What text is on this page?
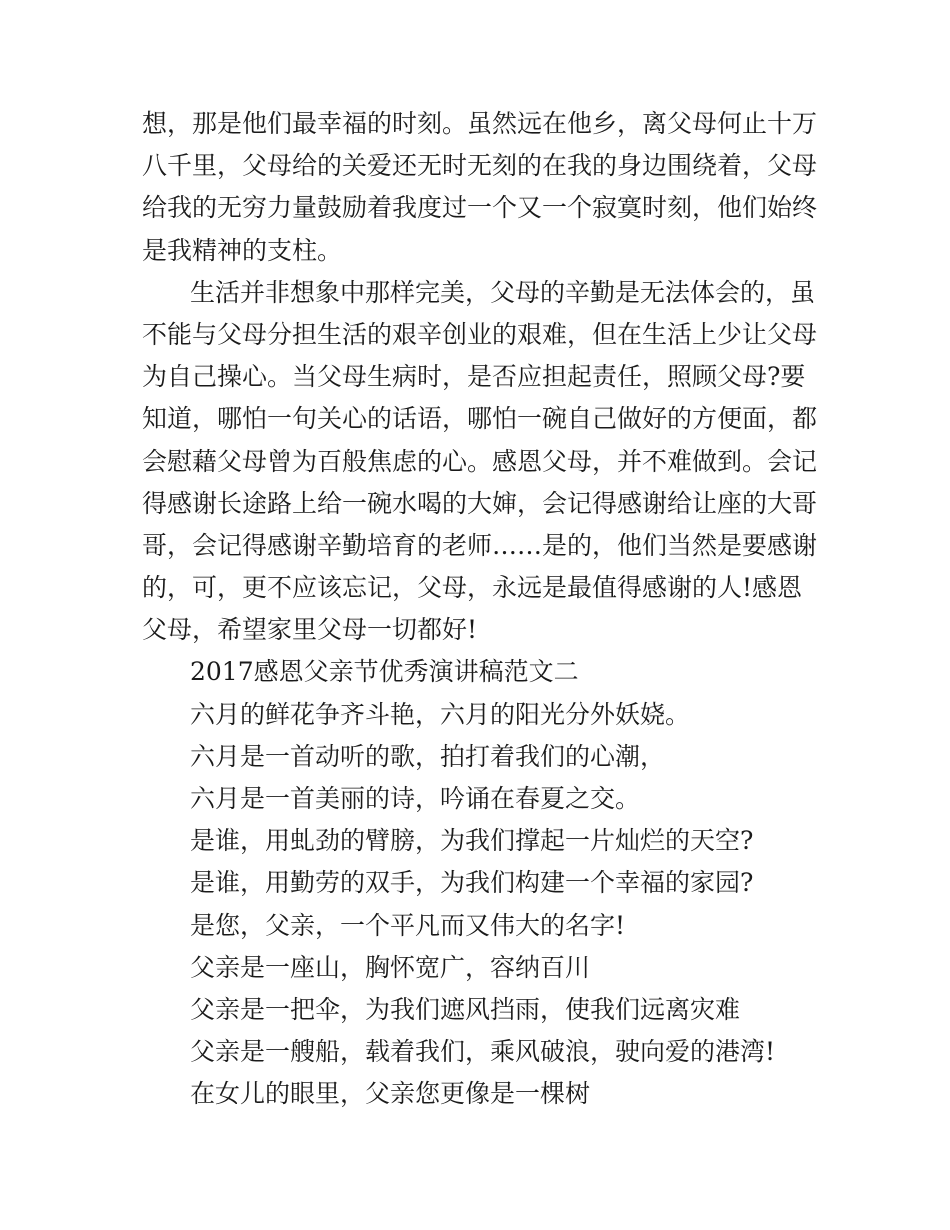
想，那是他们最幸福的时刻。虽然远在他乡，离父母何止十万
八千里，父母给的关爱还无时无刻的在我的身边围绕着，父母
给我的无穷力量鼓励着我度过一个又一个寂寞时刻，他们始终
是我精神的支柱。
生活并非想象中那样完美，父母的辛勤是无法体会的，虽
不能与父母分担生活的艰辛创业的艰难，但在生活上少让父母
为自己操心。当父母生病时，是否应担起责任，照顾父母?要
知道，哪怕一句关心的话语，哪怕一碗自己做好的方便面，都
会慰藉父母曾为百般焦虑的心。感恩父母，并不难做到。会记
得感谢长途路上给一碗水喝的大婶，会记得感谢给让座的大哥
哥，会记得感谢辛勤培育的老师……是的，他们当然是要感谢
的，可，更不应该忘记，父母，永远是最值得感谢的人!感恩
父母，希望家里父母一切都好!
2017感恩父亲节优秀演讲稿范文二
六月的鲜花争齐斗艳，六月的阳光分外妖娆。
六月是一首动听的歌，拍打着我们的心潮，
六月是一首美丽的诗，吟诵在春夏之交。
是谁，用虬劲的臂膀，为我们撑起一片灿烂的天空?
是谁，用勤劳的双手，为我们构建一个幸福的家园?
是您，父亲，一个平凡而又伟大的名字!
父亲是一座山，胸怀宽广，容纳百川
父亲是一把伞，为我们遮风挡雨，使我们远离灾难
父亲是一艘船，载着我们，乘风破浪，驶向爱的港湾!
在女儿的眼里，父亲您更像是一棵树
